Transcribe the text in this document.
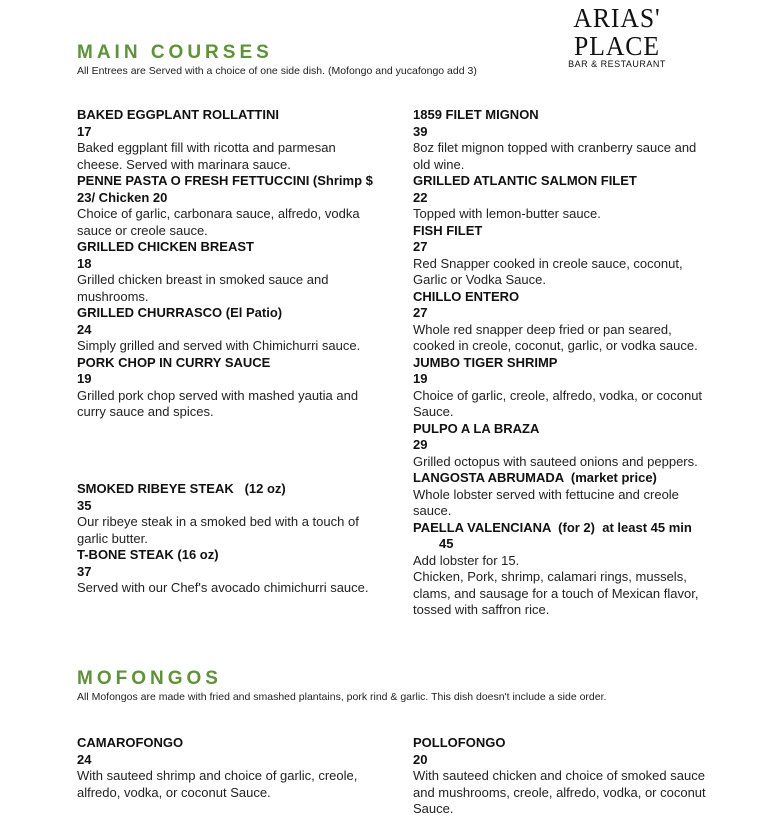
ARIAS' PLACE
BAR & RESTAURANT
MAIN COURSES
All Entrees are Served with a choice of one side dish. (Mofongo and yucafongo add 3)
BAKED EGGPLANT ROLLATTINI
17
Baked eggplant fill with ricotta and parmesan cheese. Served with marinara sauce.
PENNE PASTA O FRESH FETTUCCINI (Shrimp $ 23/ Chicken 20
Choice of garlic, carbonara sauce, alfredo, vodka sauce or creole sauce.
GRILLED CHICKEN BREAST
18
Grilled chicken breast in smoked sauce and mushrooms.
GRILLED CHURRASCO (El Patio)
24
Simply grilled and served with Chimichurri sauce.
PORK CHOP IN CURRY SAUCE
19
Grilled pork chop served with mashed yautia and curry sauce and spices.
SMOKED RIBEYE STEAK   (12 oz)
35
Our ribeye steak in a smoked bed with a touch of garlic butter.
T-BONE STEAK (16 oz)
37
Served with our Chef's avocado chimichurri sauce.
1859 FILET MIGNON
39
8oz filet mignon topped with cranberry sauce and old wine.
GRILLED ATLANTIC SALMON FILET
22
Topped with lemon-butter sauce.
FISH FILET
27
Red Snapper cooked in creole sauce, coconut, Garlic or Vodka Sauce.
CHILLO ENTERO
27
Whole red snapper deep fried or pan seared, cooked in creole, coconut, garlic, or vodka sauce.
JUMBO TIGER SHRIMP
19
Choice of garlic, creole, alfredo, vodka, or coconut Sauce.
PULPO A LA BRAZA
29
Grilled octopus with sauteed onions and peppers.
LANGOSTA ABRUMADA  (market price)
Whole lobster served with fettucine and creole sauce.
PAELLA VALENCIANA  (for 2)  at least 45 min45
Add lobster for 15.
Chicken, Pork, shrimp, calamari rings, mussels, clams, and sausage for a touch of Mexican flavor, tossed with saffron rice.
MOFONGOS
All Mofongos are made with fried and smashed plantains, pork rind & garlic. This dish doesn't include a side order.
CAMAROFONGO
24
With sauteed shrimp and choice of garlic, creole, alfredo, vodka, or coconut Sauce.
POLLOFONGO
20
With sauteed chicken and choice of smoked sauce and mushrooms, creole, alfredo, vodka, or coconut Sauce.
